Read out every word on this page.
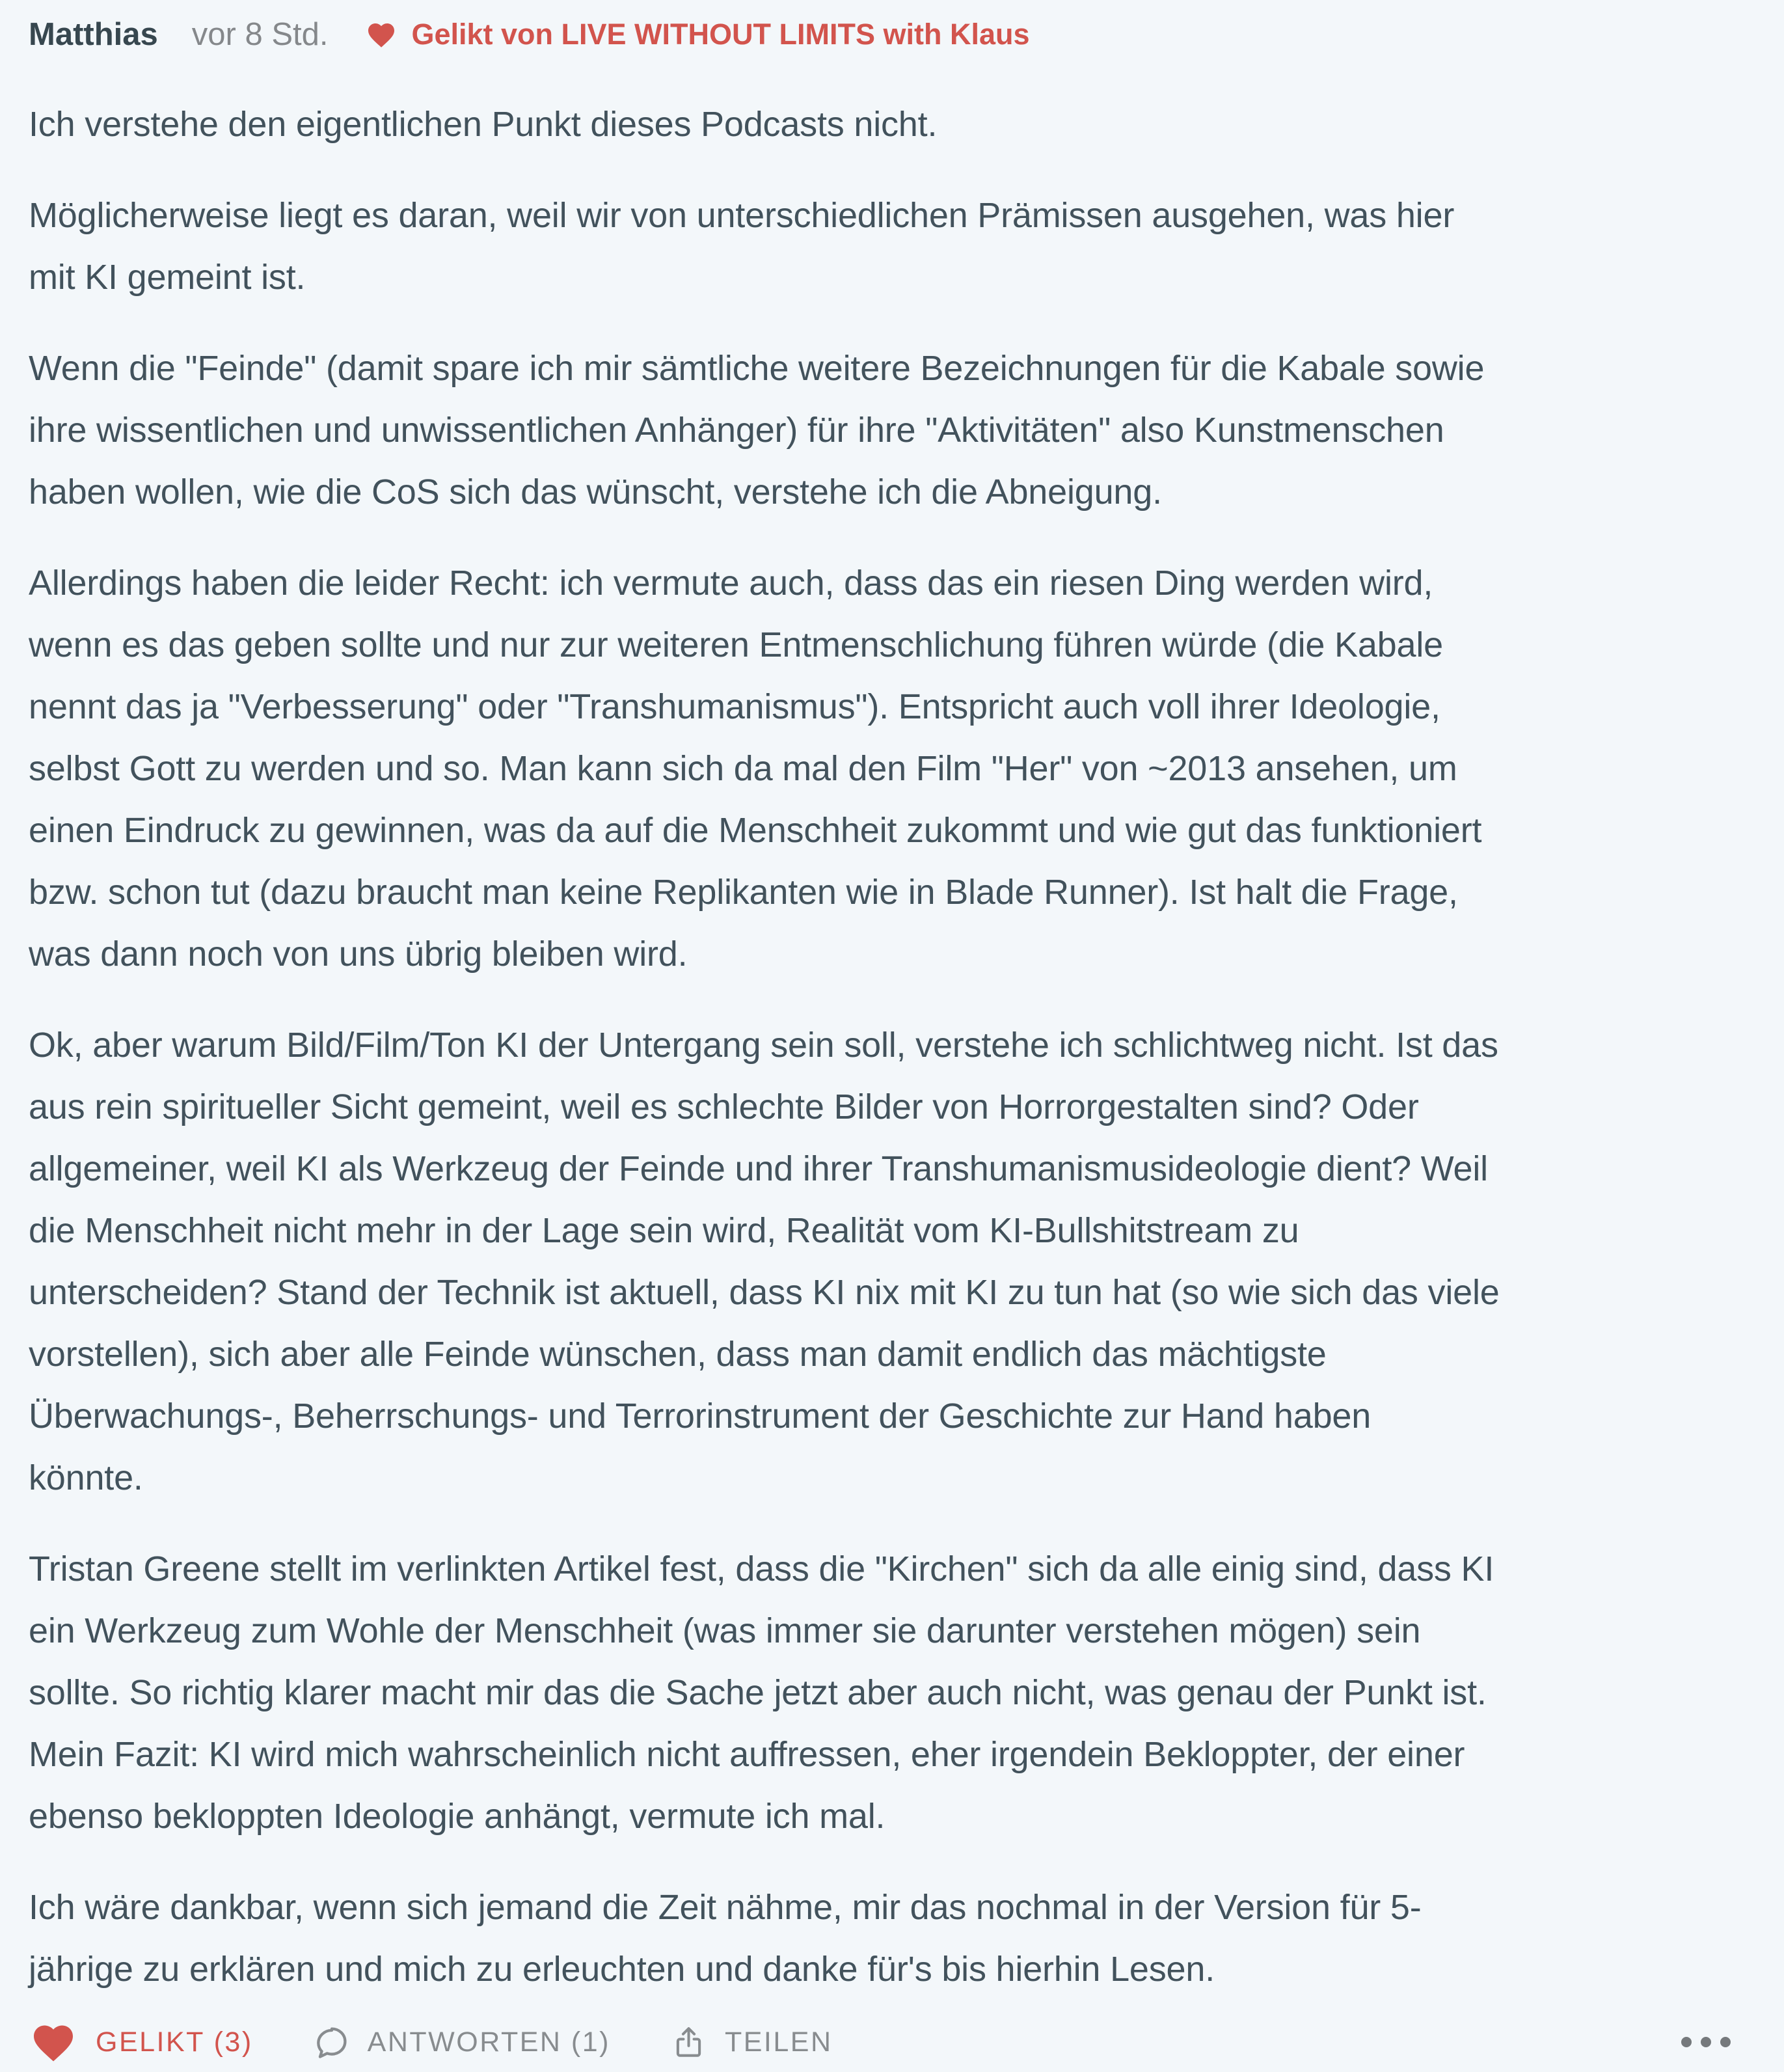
Matthias vor 8 Std.	Gelikt von LIVE WITHOUT LIMITS with Klaus
Ich verstehe den eigentlichen Punkt dieses Podcasts nicht.
Möglicherweise liegt es daran, weil wir von unterschiedlichen Prämissen ausgehen, was hier
mit KI gemeint ist.
Wenn die "Feinde" (damit spare ich mir sämtliche weitere Bezeichnungen für die Kabale sowie
ihre wissentlichen und unwissentlichen Anhänger) für ihre "Aktivitäten" also Kunstmenschen
haben wollen, wie die CoS sich das wünscht, verstehe ich die Abneigung.
Allerdings haben die leider Recht: ich vermute auch, dass das ein riesen Ding werden wird,
wenn es das geben sollte und nur zur weiteren Entmenschlichung führen würde (die Kabale
nennt das ja "Verbesserung" oder "Transhumanismus"). Entspricht auch voll ihrer Ideologie,
selbst Gott zu werden und so. Man kann sich da mal den Film "Her" von ~2013 ansehen, um
einen Eindruck zu gewinnen, was da auf die Menschheit zukommt und wie gut das funktioniert
bzw. schon tut (dazu braucht man keine Replikanten wie in Blade Runner). Ist halt die Frage,
was dann noch von uns übrig bleiben wird.
Ok, aber warum Bild/Film/Ton KI der Untergang sein soll, verstehe ich schlichtweg nicht. Ist das
aus rein spiritueller Sicht gemeint, weil es schlechte Bilder von Horrorgestalten sind? Oder
allgemeiner, weil KI als Werkzeug der Feinde und ihrer Transhumanismusideologie dient? Weil
die Menschheit nicht mehr in der Lage sein wird, Realität vom KI-Bullshitstream zu
unterscheiden? Stand der Technik ist aktuell, dass KI nix mit KI zu tun hat (so wie sich das viele
vorstellen), sich aber alle Feinde wünschen, dass man damit endlich das mächtigste
Überwachungs-, Beherrschungs- und Terrorinstrument der Geschichte zur Hand haben
könnte.
Tristan Greene stellt im verlinkten Artikel fest, dass die "Kirchen" sich da alle einig sind, dass KI
ein Werkzeug zum Wohle der Menschheit (was immer sie darunter verstehen mögen) sein
sollte. So richtig klarer macht mir das die Sache jetzt aber auch nicht, was genau der Punkt ist.
Mein Fazit: KI wird mich wahrscheinlich nicht auffressen, eher irgendein Bekloppter, der einer
ebenso bekloppten Ideologie anhängt, vermute ich mal.
Ich wäre dankbar, wenn sich jemand die Zeit nähme, mir das nochmal in der Version für 5-
jährige zu erklären und mich zu erleuchten und danke für's bis hierhin Lesen.
GELIKT (3)	ANTWORTEN (1)	TEILEN
